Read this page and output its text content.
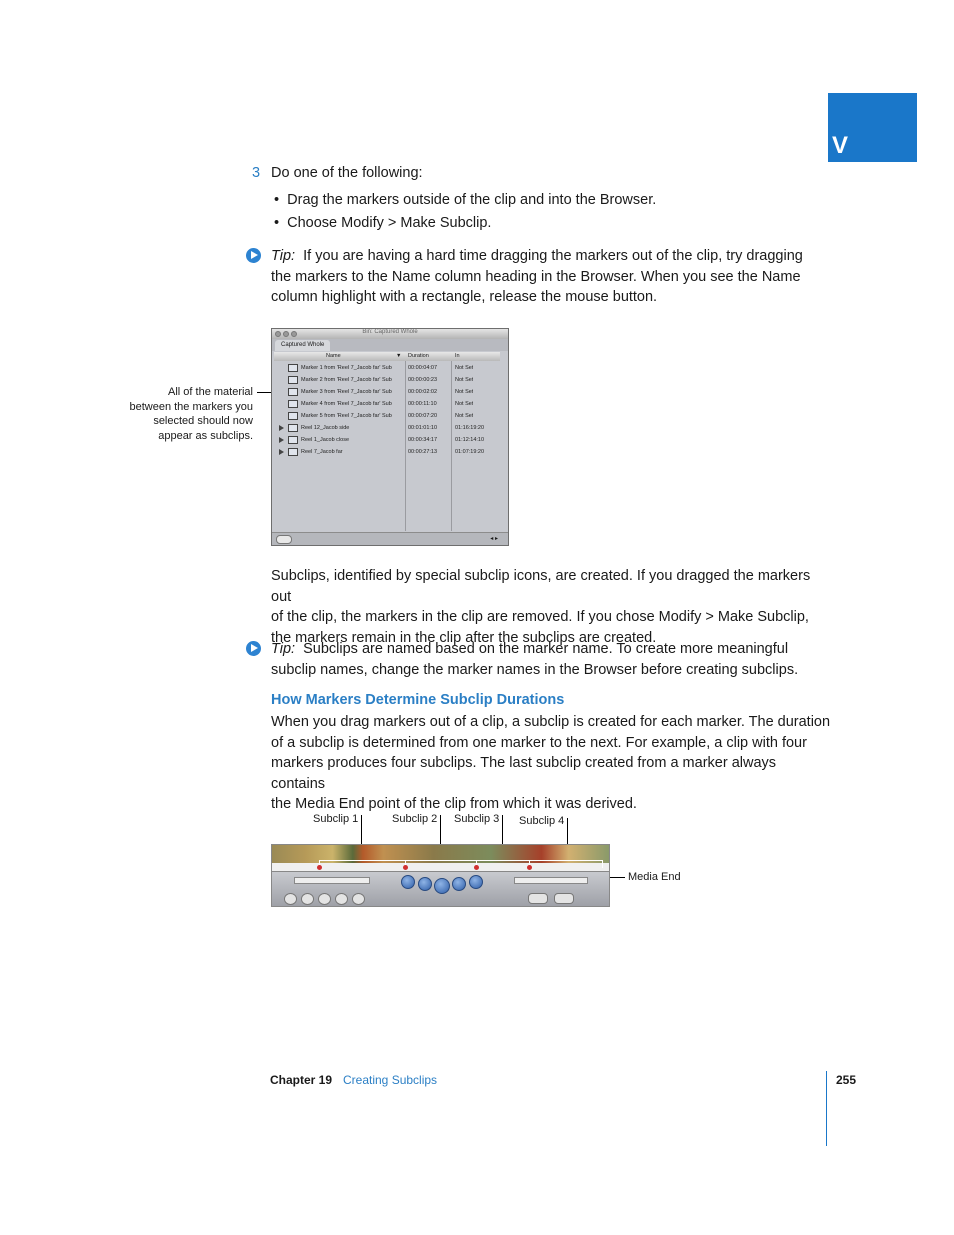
V
3 Do one of the following:
•  Drag the markers outside of the clip and into the Browser.
•  Choose Modify > Make Subclip.
Tip: If you are having a hard time dragging the markers out of the clip, try dragging
the markers to the Name column heading in the Browser. When you see the Name
column highlight with a rectangle, release the mouse button.
All of the material
between the markers you
selected should now
appear as subclips.
Bin: Captured Whole
Captured Whole
Name	▼ Duration	In
Marker 1 from 'Reel 7_Jacob far' Sub	00:00:04:07	Not Set
Marker 2 from 'Reel 7_Jacob far' Sub	00:00:00:23	Not Set
Marker 3 from 'Reel 7_Jacob far' Sub	00:00:02:02	Not Set
Marker 4 from 'Reel 7_Jacob far' Sub	00:00:11:10	Not Set
Marker 5 from 'Reel 7_Jacob far' Sub	00:00:07:20	Not Set
Reel 12_Jacob side	00:01:01:10	01:16:19:20
Reel 1_Jacob close	00:00:34:17	01:12:14:10
Reel 7_Jacob far	00:00:27:13	01:07:19:20
◂ ▸
Subclips, identified by special subclip icons, are created. If you dragged the markers out
of the clip, the markers in the clip are removed. If you chose Modify > Make Subclip,
the markers remain in the clip after the subclips are created.
Tip: Subclips are named based on the marker name. To create more meaningful
subclip names, change the marker names in the Browser before creating subclips.
How Markers Determine Subclip Durations
When you drag markers out of a clip, a subclip is created for each marker. The duration
of a subclip is determined from one marker to the next. For example, a clip with four
markers produces four subclips. The last subclip created from a marker always contains
the Media End point of the clip from which it was derived.
Subclip 1	Subclip 2 Subclip 3 Subclip 4
Media End
Chapter 19 Creating Subclips	255
